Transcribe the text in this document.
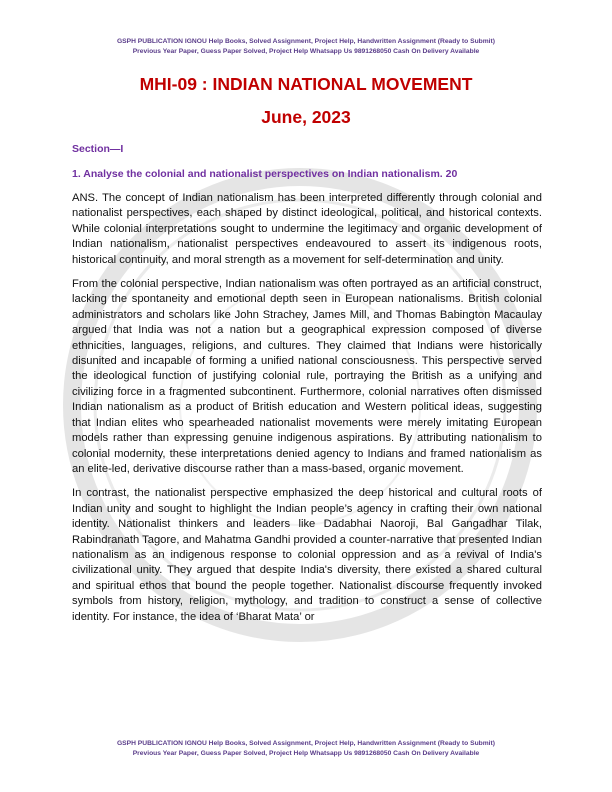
GSPH PUBLICATION IGNOU Help Books, Solved Assignment, Project Help, Handwritten Assignment (Ready to Submit)
Previous Year Paper, Guess Paper Solved, Project Help Whatsapp Us 9891268050 Cash On Delivery Available
MHI-09 : INDIAN NATIONAL MOVEMENT
June, 2023
Section—I
1. Analyse the colonial and nationalist perspectives on Indian nationalism. 20

ANS. The concept of Indian nationalism has been interpreted differently through colonial and nationalist perspectives, each shaped by distinct ideological, political, and historical contexts. While colonial interpretations sought to undermine the legitimacy and organic development of Indian nationalism, nationalist perspectives endeavoured to assert its indigenous roots, historical continuity, and moral strength as a movement for self-determination and unity.

From the colonial perspective, Indian nationalism was often portrayed as an artificial construct, lacking the spontaneity and emotional depth seen in European nationalisms. British colonial administrators and scholars like John Strachey, James Mill, and Thomas Babington Macaulay argued that India was not a nation but a geographical expression composed of diverse ethnicities, languages, religions, and cultures. They claimed that Indians were historically disunited and incapable of forming a unified national consciousness. This perspective served the ideological function of justifying colonial rule, portraying the British as a unifying and civilizing force in a fragmented subcontinent. Furthermore, colonial narratives often dismissed Indian nationalism as a product of British education and Western political ideas, suggesting that Indian elites who spearheaded nationalist movements were merely imitating European models rather than expressing genuine indigenous aspirations. By attributing nationalism to colonial modernity, these interpretations denied agency to Indians and framed nationalism as an elite-led, derivative discourse rather than a mass-based, organic movement.

In contrast, the nationalist perspective emphasized the deep historical and cultural roots of Indian unity and sought to highlight the Indian people’s agency in crafting their own national identity. Nationalist thinkers and leaders like Dadabhai Naoroji, Bal Gangadhar Tilak, Rabindranath Tagore, and Mahatma Gandhi provided a counter-narrative that presented Indian nationalism as an indigenous response to colonial oppression and as a revival of India's civilizational unity. They argued that despite India's diversity, there existed a shared cultural and spiritual ethos that bound the people together. Nationalist discourse frequently invoked symbols from history, religion, mythology, and tradition to construct a sense of collective identity. For instance, the idea of ‘Bharat Mata’ or

GSPH PUBLICATION IGNOU Help Books, Solved Assignment, Project Help, Handwritten Assignment (Ready to Submit)
Previous Year Paper, Guess Paper Solved, Project Help Whatsapp Us 9891268050 Cash On Delivery Available
